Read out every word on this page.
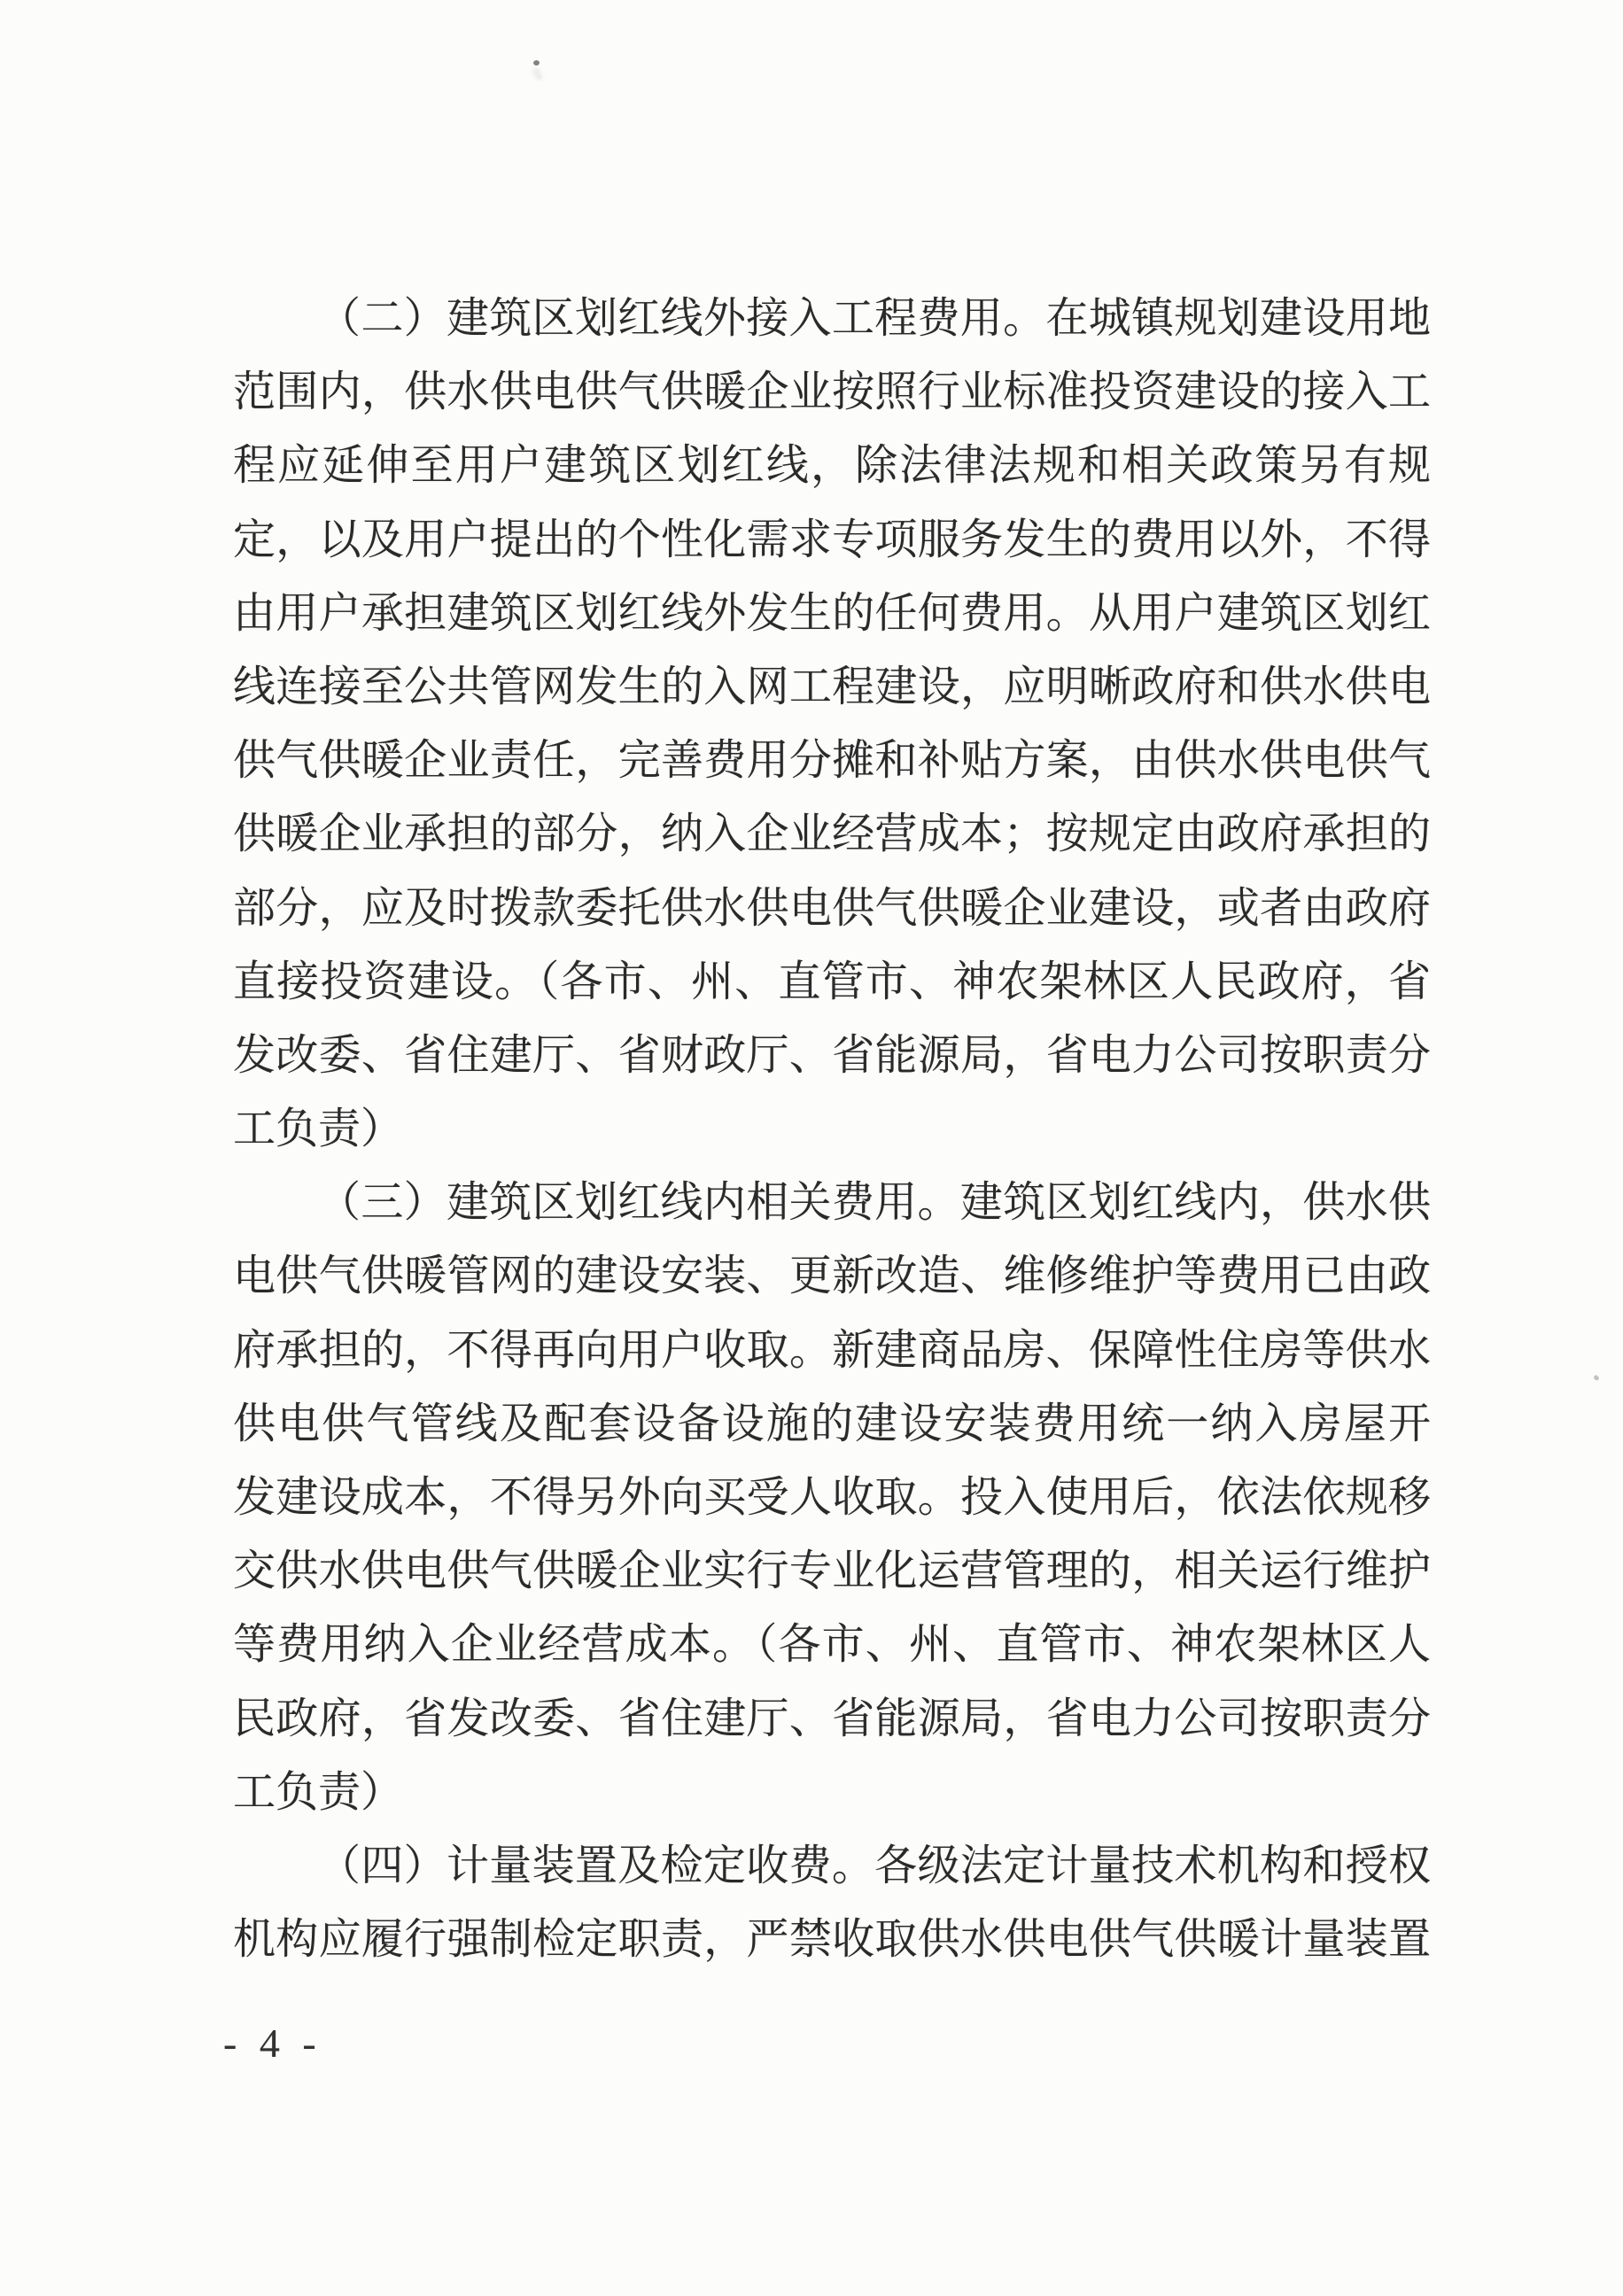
（二）建筑区划红线外接入工程费用。在城镇规划建设用地
范围内，供水供电供气供暖企业按照行业标准投资建设的接入工
程应延伸至用户建筑区划红线，除法律法规和相关政策另有规
定，以及用户提出的个性化需求专项服务发生的费用以外，不得
由用户承担建筑区划红线外发生的任何费用。从用户建筑区划红
线连接至公共管网发生的入网工程建设，应明晰政府和供水供电
供气供暖企业责任，完善费用分摊和补贴方案，由供水供电供气
供暖企业承担的部分，纳入企业经营成本；按规定由政府承担的
部分，应及时拨款委托供水供电供气供暖企业建设，或者由政府
直接投资建设。（各市、州、直管市、神农架林区人民政府，省
发改委、省住建厅、省财政厅、省能源局，省电力公司按职责分
工负责）
（三）建筑区划红线内相关费用。建筑区划红线内，供水供
电供气供暖管网的建设安装、更新改造、维修维护等费用已由政
府承担的，不得再向用户收取。新建商品房、保障性住房等供水
供电供气管线及配套设备设施的建设安装费用统一纳入房屋开
发建设成本，不得另外向买受人收取。投入使用后，依法依规移
交供水供电供气供暖企业实行专业化运营管理的，相关运行维护
等费用纳入企业经营成本。（各市、州、直管市、神农架林区人
民政府，省发改委、省住建厅、省能源局，省电力公司按职责分
工负责）
（四）计量装置及检定收费。各级法定计量技术机构和授权
机构应履行强制检定职责，严禁收取供水供电供气供暖计量装置
- 4 -
